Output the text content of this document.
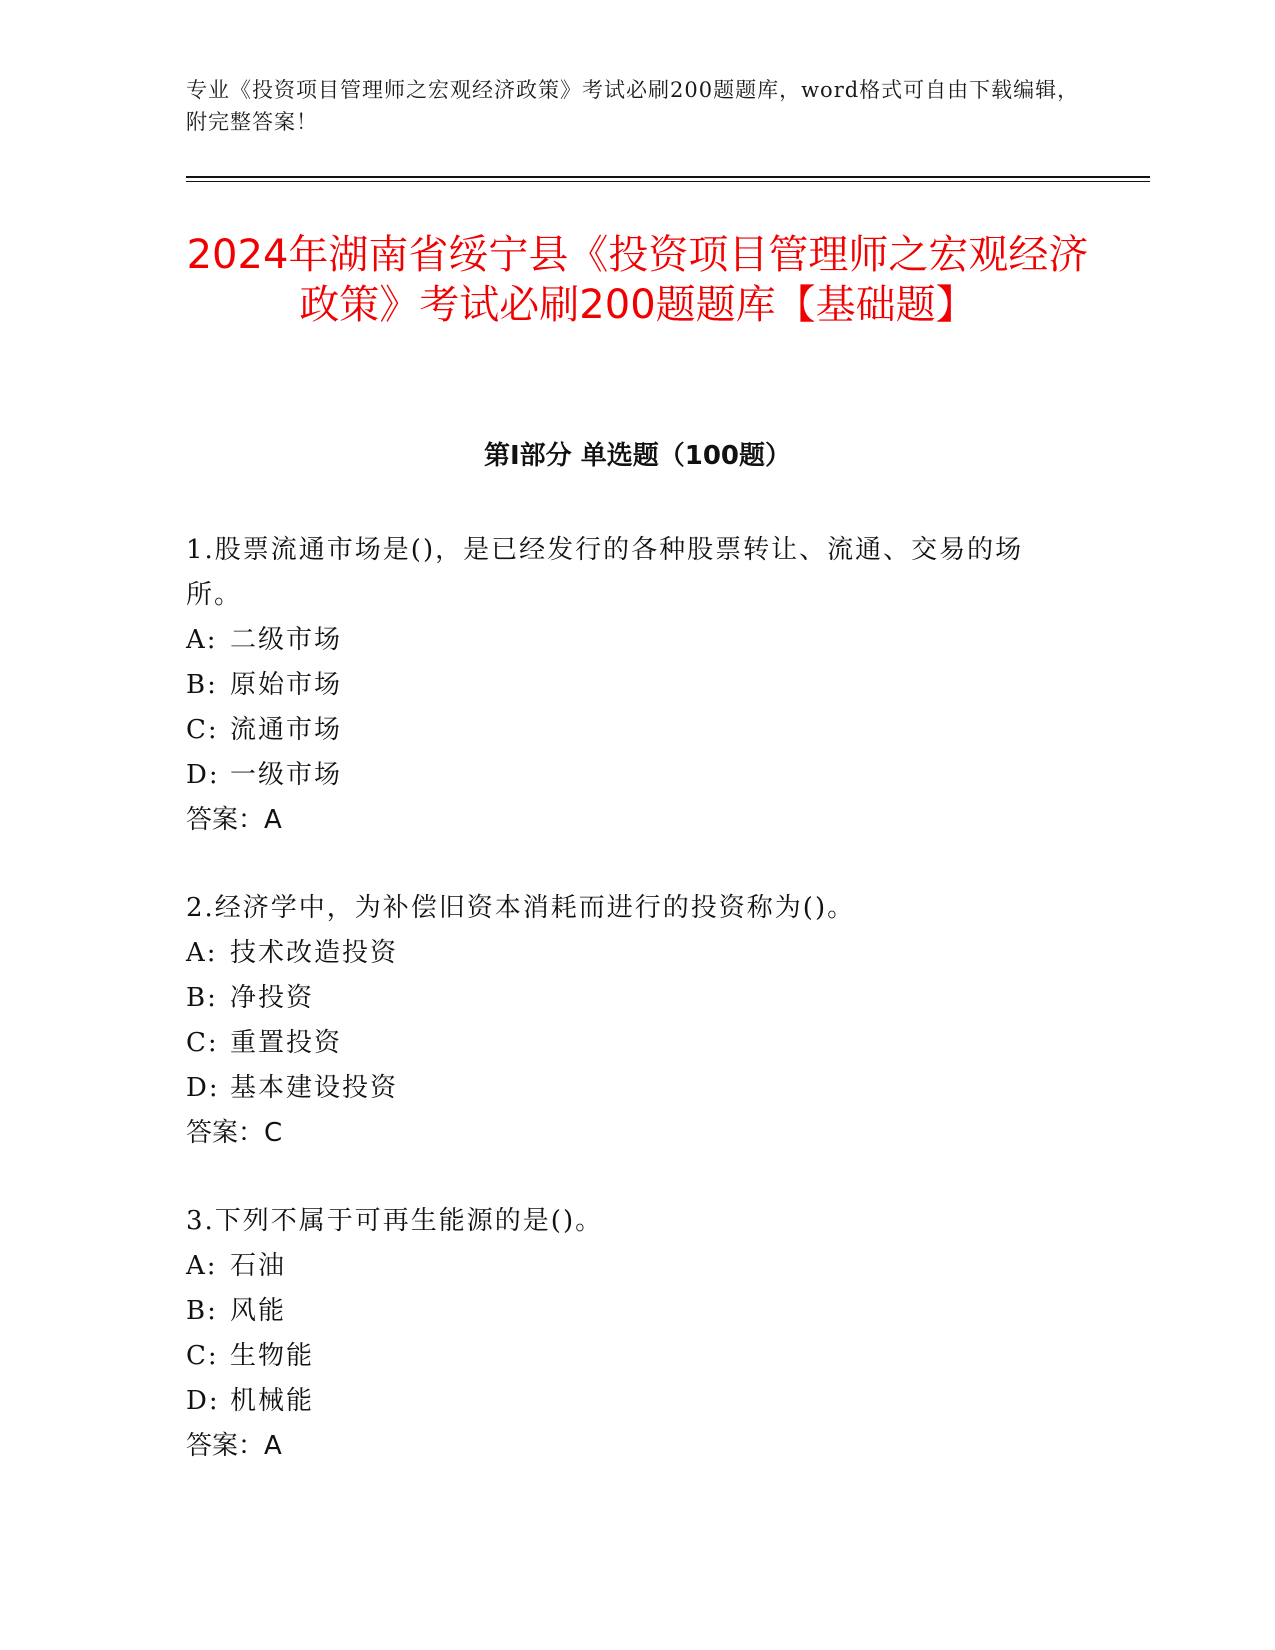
专业《投资项目管理师之宏观经济政策》考试必刷200题题库，word格式可自由下载编辑，附完整答案！
2024年湖南省绥宁县《投资项目管理师之宏观经济政策》考试必刷200题题库【基础题】
第I部分 单选题（100题）

1.股票流通市场是()，是已经发行的各种股票转让、流通、交易的场所。

A: 二级市场
B: 原始市场
C: 流通市场
D: 一级市场

答案：A

2.经济学中，为补偿旧资本消耗而进行的投资称为()。

A: 技术改造投资
B: 净投资
C: 重置投资
D: 基本建设投资

答案：C

3.下列不属于可再生能源的是()。

A: 石油
B: 风能
C: 生物能
D: 机械能

答案：A
